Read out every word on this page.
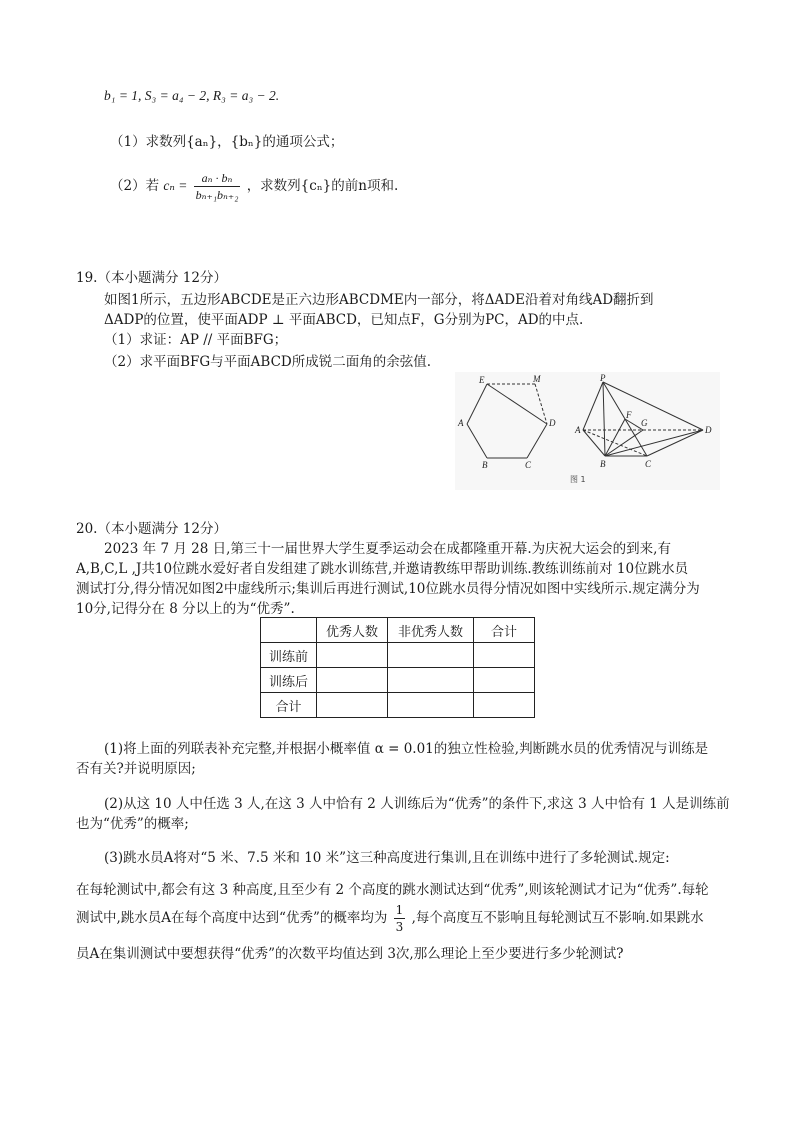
b₁ = 1, S₃ = a₄ − 2, R₃ = a₃ − 2.
（1）求数列{aₙ}，{bₙ}的通项公式；
（2）若 $c_n = \frac{\text{aₙ · bₙ}}{\text{bₙ₊₁bₙ₊₂}}$ ，求数列{cₙ}的前n项和.
19.（本小题满分 12分）
如图1所示，五边形ABCDE是正六边形ABCDME内一部分，将ΔADE沿着对角线AD翻折到
ΔADP的位置，使平面ADP ⊥ 平面ABCD，已知点F，G分别为PC，AD的中点.
（1）求证：AP // 平面BFG；
（2）求平面BFG与平面ABCD所成锐二面角的余弦值.
E	M
A	D
B	C
P
F
G
A	D
B	C
图 1
20.（本小题满分 12分）
2023 年 7 月 28 日,第三十一届世界大学生夏季运动会在成都隆重开幕.为庆祝大运会的到来,有
A,B,C,L ,J共10位跳水爱好者自发组建了跳水训练营,并邀请教练甲帮助训练.教练训练前对 10位跳水员
测试打分,得分情况如图2中虚线所示;集训后再进行测试,10位跳水员得分情况如图中实线所示.规定满分为
10分,记得分在 8 分以上的为“优秀”.
	优秀人数	非优秀人数	合计
训练前			
训练后			
合计			
(1)将上面的列联表补充完整,并根据小概率值 α = 0.01的独立性检验,判断跳水员的优秀情况与训练是
否有关?并说明原因;
(2)从这 10 人中任选 3 人,在这 3 人中恰有 2 人训练后为“优秀”的条件下,求这 3 人中恰有 1 人是训练前
也为“优秀”的概率;
(3)跳水员A将对“5 米、7.5 米和 10 米”这三种高度进行集训,且在训练中进行了多轮测试.规定:
在每轮测试中,都会有这 3 种高度,且至少有 2 个高度的跳水测试达到“优秀”,则该轮测试才记为“优秀”.每轮
测试中,跳水员A在每个高度中达到“优秀”的概率均为 $\frac{1}{3}$ ,每个高度互不影响且每轮测试互不影响.如果跳水
员A在集训测试中要想获得“优秀”的次数平均值达到 3次,那么理论上至少要进行多少轮测试?
